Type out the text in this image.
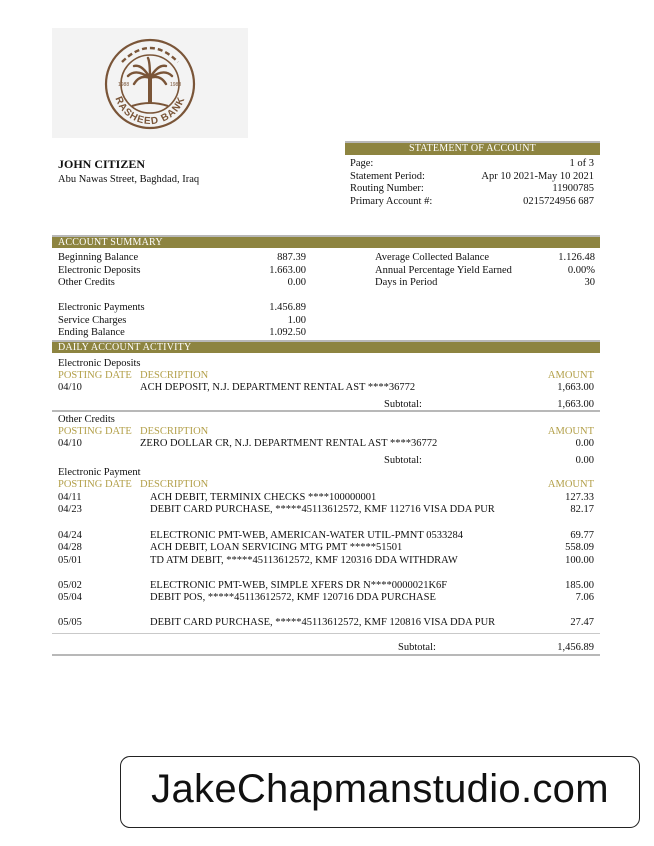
1988	1988
RASHEED BANK
JOHN CITIZEN
Abu Nawas Street, Baghdad, Iraq
STATEMENT OF ACCOUNT
Page:	1 of 3
Statement Period:	Apr 10 2021-May 10 2021
Routing Number:	11900785
Primary Account #:	0215724956 687
ACCOUNT SUMMARY
Beginning Balance	887.39
Electronic Deposits	1.663.00
Other Credits	0.00
Electronic Payments	1.456.89
Service Charges	1.00
Ending Balance	1.092.50
Average Collected Balance	1.126.48
Annual Percentage Yield Earned	0.00%
Days in Period	30
DAILY ACCOUNT ACTIVITY
Electronic Deposits
POSTING DATE DESCRIPTION	AMOUNT
04/10	ACH DEPOSIT, N.J. DEPARTMENT RENTAL AST ****36772	1,663.00
Subtotal:	1,663.00
Other Credits
POSTING DATE DESCRIPTION	AMOUNT
04/10	ZERO DOLLAR CR, N.J. DEPARTMENT RENTAL AST ****36772	0.00
Subtotal:	0.00
Electronic Payment
POSTING DATE DESCRIPTION	AMOUNT
04/11	ACH DEBIT, TERMINIX CHECKS ****100000001	127.33
04/23	DEBIT CARD PURCHASE, *****45113612572, KMF 112716 VISA DDA PUR	82.17
04/24	ELECTRONIC PMT-WEB, AMERICAN-WATER UTIL-PMNT 0533284	69.77
04/28	ACH DEBIT, LOAN SERVICING MTG PMT *****51501	558.09
05/01	TD ATM DEBIT, *****45113612572, KMF 120316 DDA WITHDRAW	100.00
05/02	ELECTRONIC PMT-WEB, SIMPLE XFERS DR N****0000021K6F	185.00
05/04	DEBIT POS, *****45113612572, KMF 120716 DDA PURCHASE	7.06
05/05	DEBIT CARD PURCHASE, *****45113612572, KMF 120816 VISA DDA PUR	27.47
Subtotal:	1,456.89
JakeChapmanstudio.com
